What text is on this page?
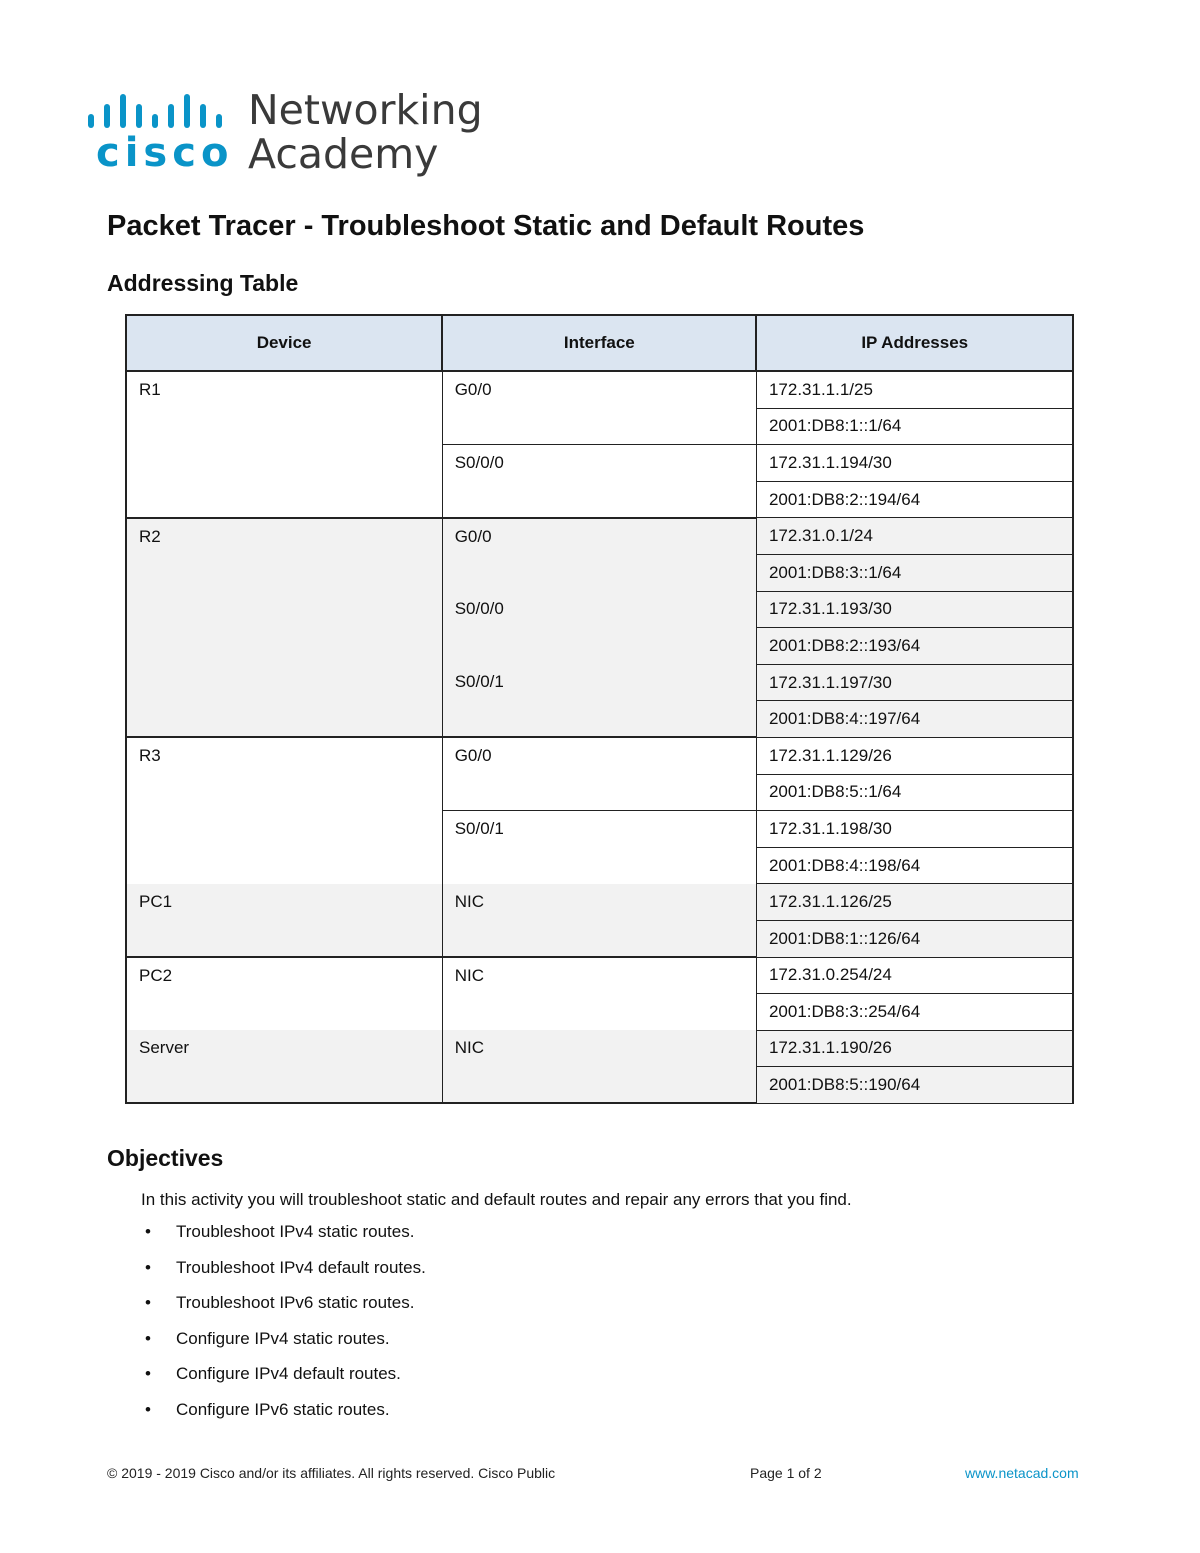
cisco
Networking
Academy
Packet Tracer - Troubleshoot Static and Default Routes
Addressing Table
Device	Interface	IP Addresses
R1	G0/0	172.31.1.1/25
		2001:DB8:1::1/64
	S0/0/0	172.31.1.194/30
		2001:DB8:2::194/64
R2	G0/0	172.31.0.1/24
		2001:DB8:3::1/64
	S0/0/0	172.31.1.193/30
		2001:DB8:2::193/64
	S0/0/1	172.31.1.197/30
		2001:DB8:4::197/64
R3	G0/0	172.31.1.129/26
		2001:DB8:5::1/64
	S0/0/1	172.31.1.198/30
		2001:DB8:4::198/64
PC1	NIC	172.31.1.126/25
		2001:DB8:1::126/64
PC2	NIC	172.31.0.254/24
		2001:DB8:3::254/64
Server	NIC	172.31.1.190/26
		2001:DB8:5::190/64
Objectives

In this activity you will troubleshoot static and default routes and repair any errors that you find.

• Troubleshoot IPv4 static routes.
• Troubleshoot IPv4 default routes.
• Troubleshoot IPv6 static routes.
• Configure IPv4 static routes.
• Configure IPv4 default routes.
• Configure IPv6 static routes.
© 2019 - 2019 Cisco and/or its affiliates. All rights reserved. Cisco Public	Page 1 of 2	www.netacad.com
